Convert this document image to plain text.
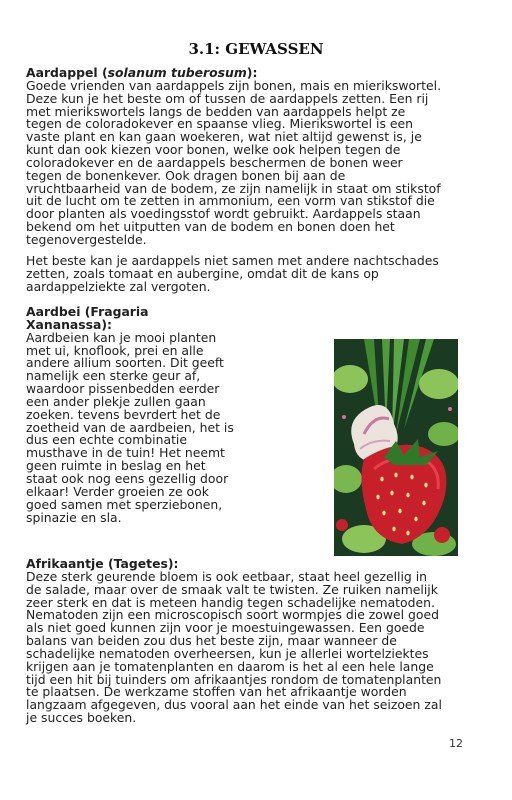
3.1: GEWASSEN
Aardappel (solanum tuberosum):
Goede vrienden van aardappels zijn bonen, mais en mierikswortel. Deze kun je het beste om of tussen de aardappels zetten. Een rij met mierikswortels langs de bedden van aardappels helpt ze tegen de coloradokever en spaanse vlieg. Mierikswortel is een vaste plant en kan gaan woekeren, wat niet altijd gewenst is, je kunt dan ook kiezen voor bonen, welke ook helpen tegen de coloradokever en de aardappels beschermen de bonen weer tegen de bonenkever. Ook dragen bonen bij aan de vruchtbaarheid van de bodem, ze zijn namelijk in staat om stikstof uit de lucht om te zetten in ammonium, een vorm van stikstof die door planten als voedingsstof wordt gebruikt. Aardappels staan bekend om het uitputten van de bodem en bonen doen het tegenovergestelde.
Het beste kan je aardappels niet samen met andere nachtschades zetten, zoals tomaat en aubergine, omdat dit de kans op aardappelziekte zal vergoten.
Aardbei (Fragaria Xananassa):
Aardbeien kan je mooi planten met ui, knoflook, prei en alle andere allium soorten. Dit geeft namelijk een sterke geur af, waardoor pissenbedden eerder een ander plekje zullen gaan zoeken. tevens bevrdert het de zoetheid van de aardbeien, het is dus een echte combinatie musthave in de tuin! Het neemt geen ruimte in beslag en het staat ook nog eens gezellig door elkaar! Verder groeien ze ook goed samen met sperziebonen, spinazie en sla.
Afrikaantje (Tagetes):
Deze sterk geurende bloem is ook eetbaar, staat heel gezellig in de salade, maar over de smaak valt te twisten. Ze ruiken namelijk zeer sterk en dat is meteen handig tegen schadelijke nematoden. Nematoden zijn een microscopisch soort wormpjes die zowel goed als niet goed kunnen zijn voor je moestuingewassen. Een goede balans van beiden zou dus het beste zijn, maar wanneer de schadelijke nematoden overheersen, kun je allerlei wortelziektes krijgen aan je tomatenplanten en daarom is het al een hele lange tijd een hit bij tuinders om afrikaantjes rondom de tomatenplanten te plaatsen. De werkzame stoffen van het afrikaantje worden langzaam afgegeven, dus vooral aan het einde van het seizoen zal je succes boeken.
12
